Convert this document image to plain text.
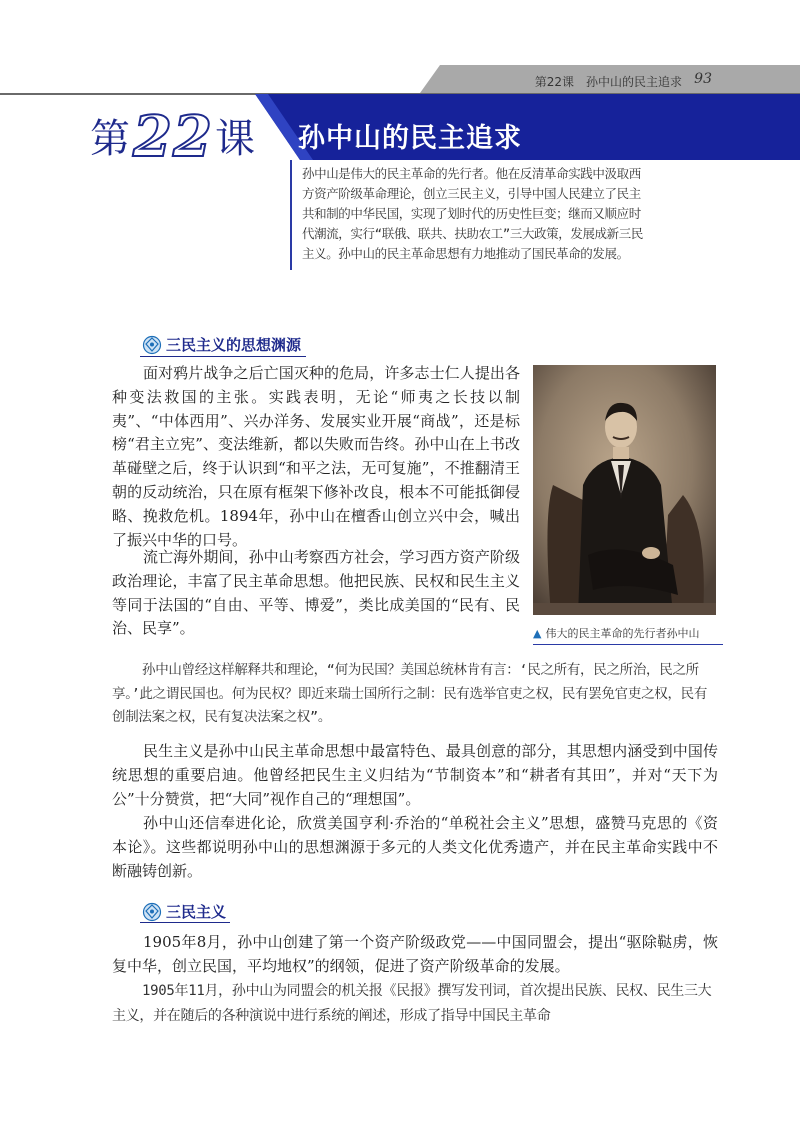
第22课　孙中山的民主追求 93
第22课 孙中山的民主追求
孙中山是伟大的民主革命的先行者。他在反清革命实践中汲取西方资产阶级革命理论，创立三民主义，引导中国人民建立了民主共和制的中华民国，实现了划时代的历史性巨变；继而又顺应时代潮流，实行“联俄、联共、扶助农工”三大政策，发展成新三民主义。孙中山的民主革命思想有力地推动了国民革命的发展。
三民主义的思想渊源
面对鸦片战争之后亡国灭种的危局，许多志士仁人提出各种变法救国的主张。实践表明，无论“师夷之长技以制夷”、“中体西用”、兴办洋务、发展实业开展“商战”，还是标榜“君主立宪”、变法维新，都以失败而告终。孙中山在上书改革碰壁之后，终于认识到“和平之法，无可复施”，不推翻清王朝的反动统治，只在原有框架下修补改良，根本不可能抵御侵略、挽救危机。1894年，孙中山在檀香山创立兴中会，喊出了振兴中华的口号。
流亡海外期间，孙中山考察西方社会，学习西方资产阶级政治理论，丰富了民主革命思想。他把民族、民权和民生主义等同于法国的“自由、平等、博爱”，类比成美国的“民有、民治、民享”。	▲ 伟大的民主革命的先行者孙中山
孙中山曾经这样解释共和理论，“何为民国？美国总统林肯有言：‘民之所有，民之所治，民之所享。’此之谓民国也。何为民权？即近来瑞士国所行之制：民有选举官吏之权，民有罢免官吏之权，民有创制法案之权，民有复决法案之权”。
民生主义是孙中山民主革命思想中最富特色、最具创意的部分，其思想内涵受到中国传统思想的重要启迪。他曾经把民生主义归结为“节制资本”和“耕者有其田”，并对“天下为公”十分赞赏，把“大同”视作自己的“理想国”。
孙中山还信奉进化论，欣赏美国亨利·乔治的“单税社会主义”思想，盛赞马克思的《资本论》。这些都说明孙中山的思想渊源于多元的人类文化优秀遗产，并在民主革命实践中不断融铸创新。
三民主义
1905年8月，孙中山创建了第一个资产阶级政党——中国同盟会，提出“驱除鞑虏，恢复中华，创立民国，平均地权”的纲领，促进了资产阶级革命的发展。
1905年11月，孙中山为同盟会的机关报《民报》撰写发刊词，首次提出民族、民权、民生三大主义，并在随后的各种演说中进行系统的阐述，形成了指导中国民主革命
